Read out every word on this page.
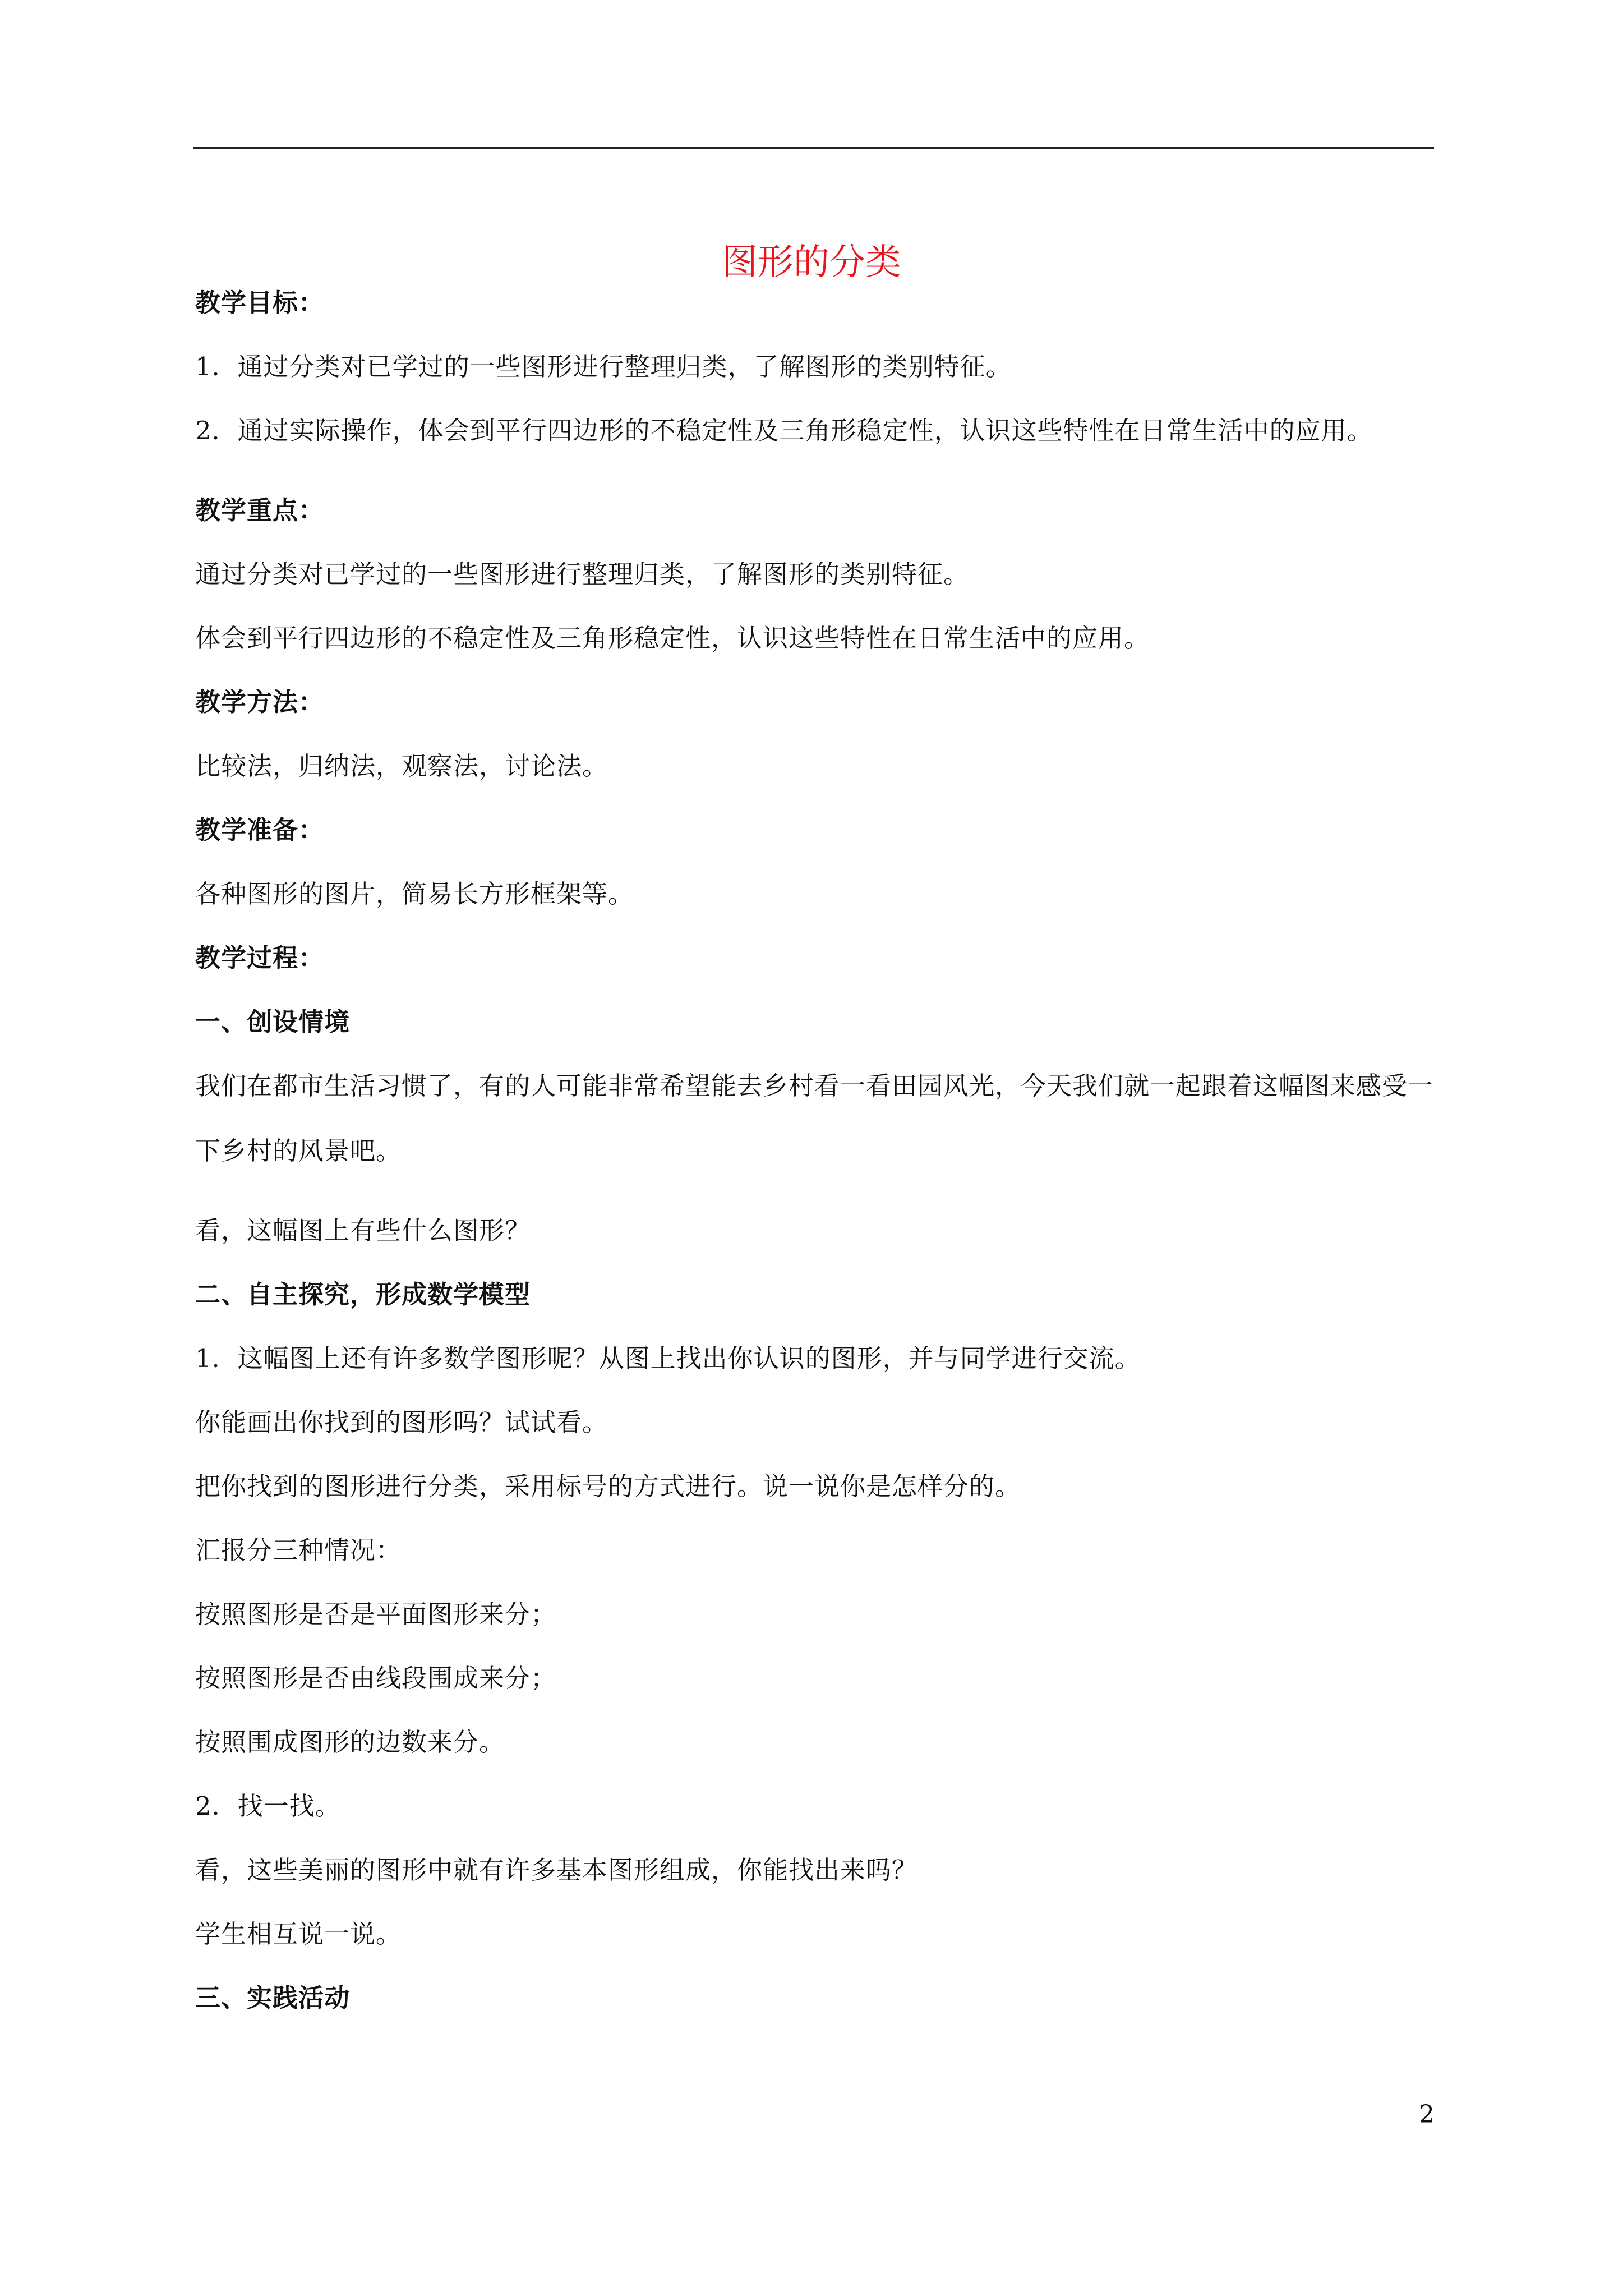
图形的分类

教学目标：

1．通过分类对已学过的一些图形进行整理归类，了解图形的类别特征。

2．通过实际操作，体会到平行四边形的不稳定性及三角形稳定性，认识这些特性在日常生活中的应用。

教学重点：

通过分类对已学过的一些图形进行整理归类，了解图形的类别特征。

体会到平行四边形的不稳定性及三角形稳定性，认识这些特性在日常生活中的应用。

教学方法：

比较法，归纳法，观察法，讨论法。

教学准备：

各种图形的图片，简易长方形框架等。

教学过程：

一、创设情境

我们在都市生活习惯了，有的人可能非常希望能去乡村看一看田园风光，今天我们就一起跟着这幅图来感受一下乡村的风景吧。

看，这幅图上有些什么图形？

二、自主探究，形成数学模型

1．这幅图上还有许多数学图形呢？从图上找出你认识的图形，并与同学进行交流。

你能画出你找到的图形吗？试试看。

把你找到的图形进行分类，采用标号的方式进行。说一说你是怎样分的。

汇报分三种情况：

按照图形是否是平面图形来分；

按照图形是否由线段围成来分；

按照围成图形的边数来分。

2．找一找。

看，这些美丽的图形中就有许多基本图形组成，你能找出来吗？

学生相互说一说。

三、实践活动

2
